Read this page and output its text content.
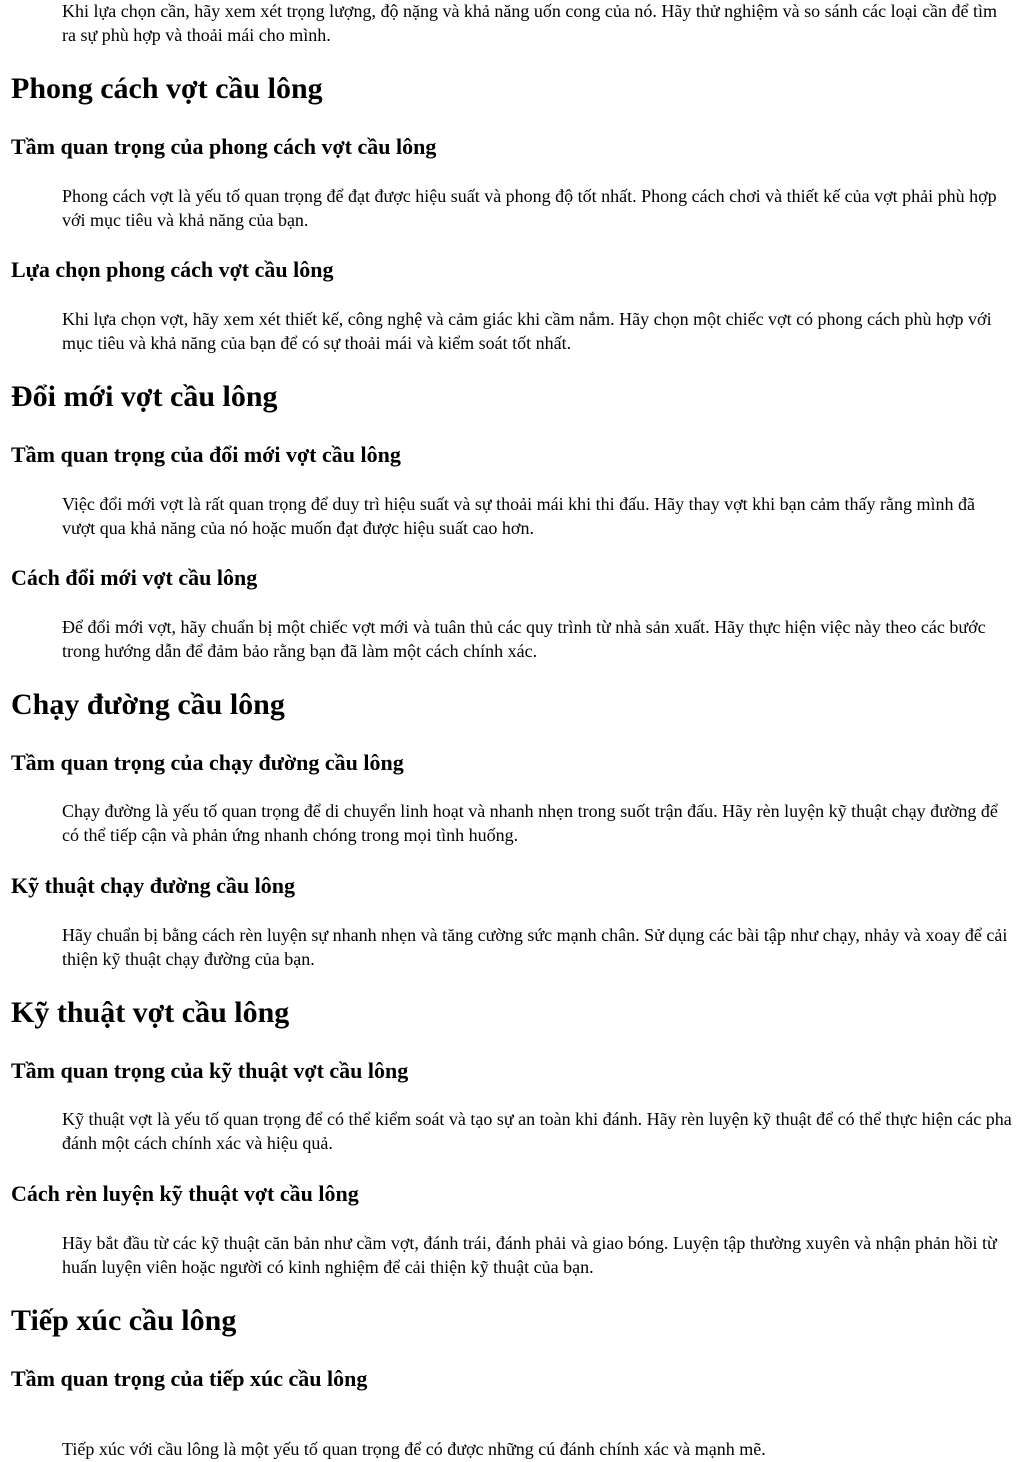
Khi lựa chọn cần, hãy xem xét trọng lượng, độ nặng và khả năng uốn cong của nó. Hãy thử nghiệm và so sánh các loại cần để tìm ra sự phù hợp và thoải mái cho mình.

Phong cách vợt cầu lông
Tầm quan trọng của phong cách vợt cầu lông

Phong cách vợt là yếu tố quan trọng để đạt được hiệu suất và phong độ tốt nhất. Phong cách chơi và thiết kế của vợt phải phù hợp với mục tiêu và khả năng của bạn.

Lựa chọn phong cách vợt cầu lông

Khi lựa chọn vợt, hãy xem xét thiết kế, công nghệ và cảm giác khi cầm nắm. Hãy chọn một chiếc vợt có phong cách phù hợp với mục tiêu và khả năng của bạn để có sự thoải mái và kiểm soát tốt nhất.

Đổi mới vợt cầu lông
Tầm quan trọng của đổi mới vợt cầu lông

Việc đổi mới vợt là rất quan trọng để duy trì hiệu suất và sự thoải mái khi thi đấu. Hãy thay vợt khi bạn cảm thấy rằng mình đã vượt qua khả năng của nó hoặc muốn đạt được hiệu suất cao hơn.

Cách đổi mới vợt cầu lông

Để đổi mới vợt, hãy chuẩn bị một chiếc vợt mới và tuân thủ các quy trình từ nhà sản xuất. Hãy thực hiện việc này theo các bước trong hướng dẫn để đảm bảo rằng bạn đã làm một cách chính xác.

Chạy đường cầu lông
Tầm quan trọng của chạy đường cầu lông

Chạy đường là yếu tố quan trọng để di chuyển linh hoạt và nhanh nhẹn trong suốt trận đấu. Hãy rèn luyện kỹ thuật chạy đường để có thể tiếp cận và phản ứng nhanh chóng trong mọi tình huống.

Kỹ thuật chạy đường cầu lông

Hãy chuẩn bị bằng cách rèn luyện sự nhanh nhẹn và tăng cường sức mạnh chân. Sử dụng các bài tập như chạy, nhảy và xoay để cải thiện kỹ thuật chạy đường của bạn.

Kỹ thuật vợt cầu lông
Tầm quan trọng của kỹ thuật vợt cầu lông

Kỹ thuật vợt là yếu tố quan trọng để có thể kiểm soát và tạo sự an toàn khi đánh. Hãy rèn luyện kỹ thuật để có thể thực hiện các pha đánh một cách chính xác và hiệu quả.

Cách rèn luyện kỹ thuật vợt cầu lông

Hãy bắt đầu từ các kỹ thuật căn bản như cầm vợt, đánh trái, đánh phải và giao bóng. Luyện tập thường xuyên và nhận phản hồi từ huấn luyện viên hoặc người có kinh nghiệm để cải thiện kỹ thuật của bạn.

Tiếp xúc cầu lông
Tầm quan trọng của tiếp xúc cầu lông
Tiếp xúc với cầu lông là một yếu tố quan trọng để có được những cú đánh chính xác và mạnh mẽ.
